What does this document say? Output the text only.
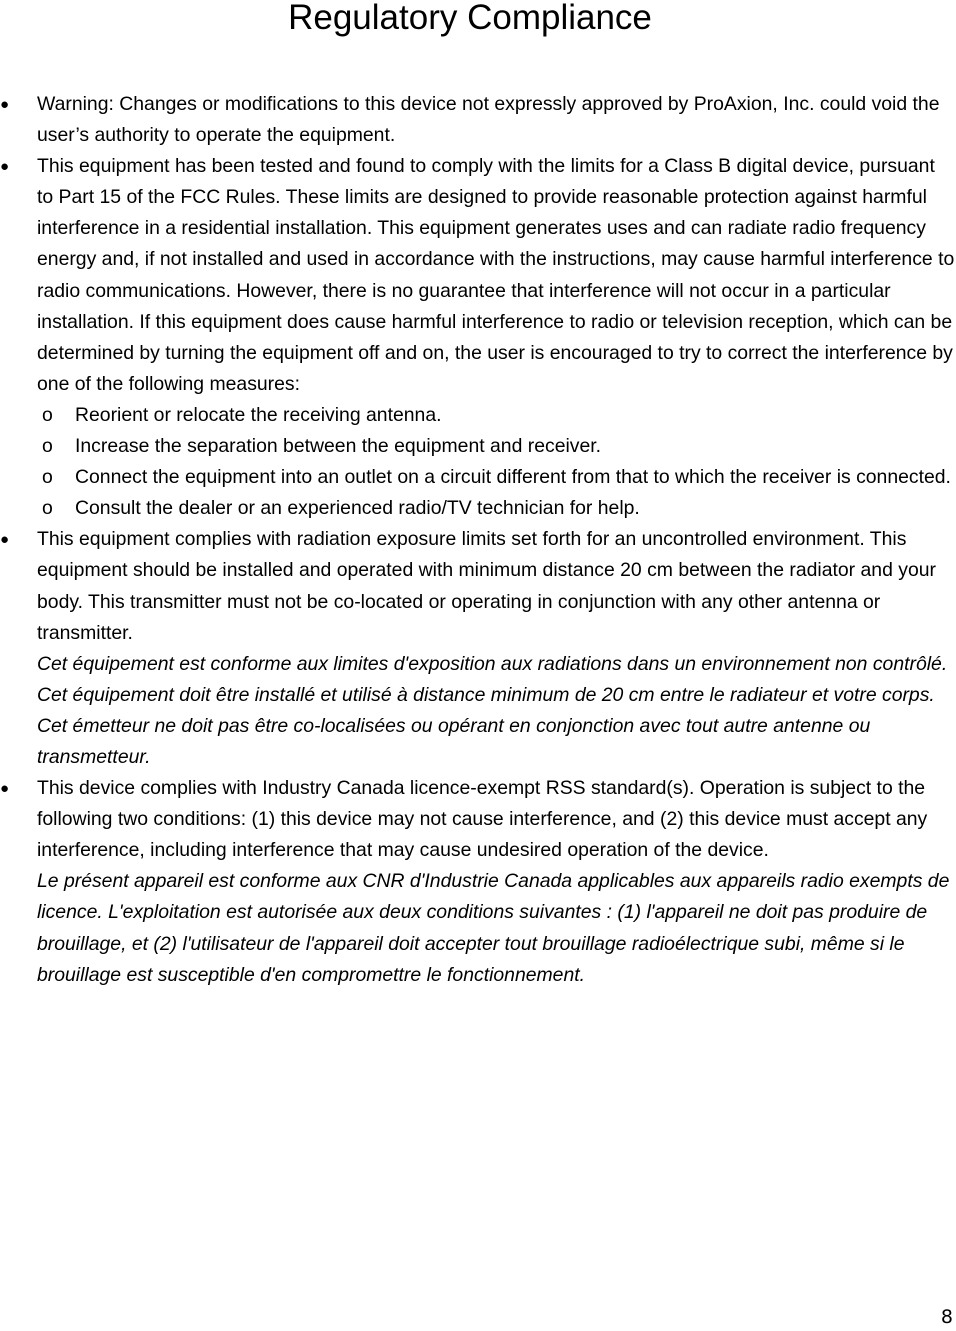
Regulatory Compliance
●	Warning: Changes or modifications to this device not expressly approved by ProAxion, Inc. could void the user’s authority to operate the equipment.

●	This equipment has been tested and found to comply with the limits for a Class B digital device, pursuant to Part 15 of the FCC Rules. These limits are designed to provide reasonable protection against harmful interference in a residential installation. This equipment generates uses and can radiate radio frequency energy and, if not installed and used in accordance with the instructions, may cause harmful interference to radio communications. However, there is no guarantee that interference will not occur in a particular installation. If this equipment does cause harmful interference to radio or television reception, which can be determined by turning the equipment off and on, the user is encouraged to try to correct the interference by one of the following measures:

o Reorient or relocate the receiving antenna.

o Increase the separation between the equipment and receiver.

o Connect the equipment into an outlet on a circuit different from that to which the receiver is connected.

o Consult the dealer or an experienced radio/TV technician for help.

●	This equipment complies with radiation exposure limits set forth for an uncontrolled environment. This equipment should be installed and operated with minimum distance 20 cm between the radiator and your body. This transmitter must not be co-located or operating in conjunction with any other antenna or transmitter.

Cet équipement est conforme aux limites d'exposition aux radiations dans un environnement non contrôlé. Cet équipement doit être installé et utilisé à distance minimum de 20 cm entre le radiateur et votre corps. Cet émetteur ne doit pas être co-localisées ou opérant en conjonction avec tout autre antenne ou transmetteur.

●	This device complies with Industry Canada licence-exempt RSS standard(s). Operation is subject to the following two conditions: (1) this device may not cause interference, and (2) this device must accept any interference, including interference that may cause undesired operation of the device.

Le présent appareil est conforme aux CNR d'Industrie Canada applicables aux appareils radio exempts de licence. L'exploitation est autorisée aux deux conditions suivantes : (1) l'appareil ne doit pas produire de brouillage, et (2) l'utilisateur de l'appareil doit accepter tout brouillage radioélectrique subi, même si le brouillage est susceptible d'en compromettre le fonctionnement.

8
